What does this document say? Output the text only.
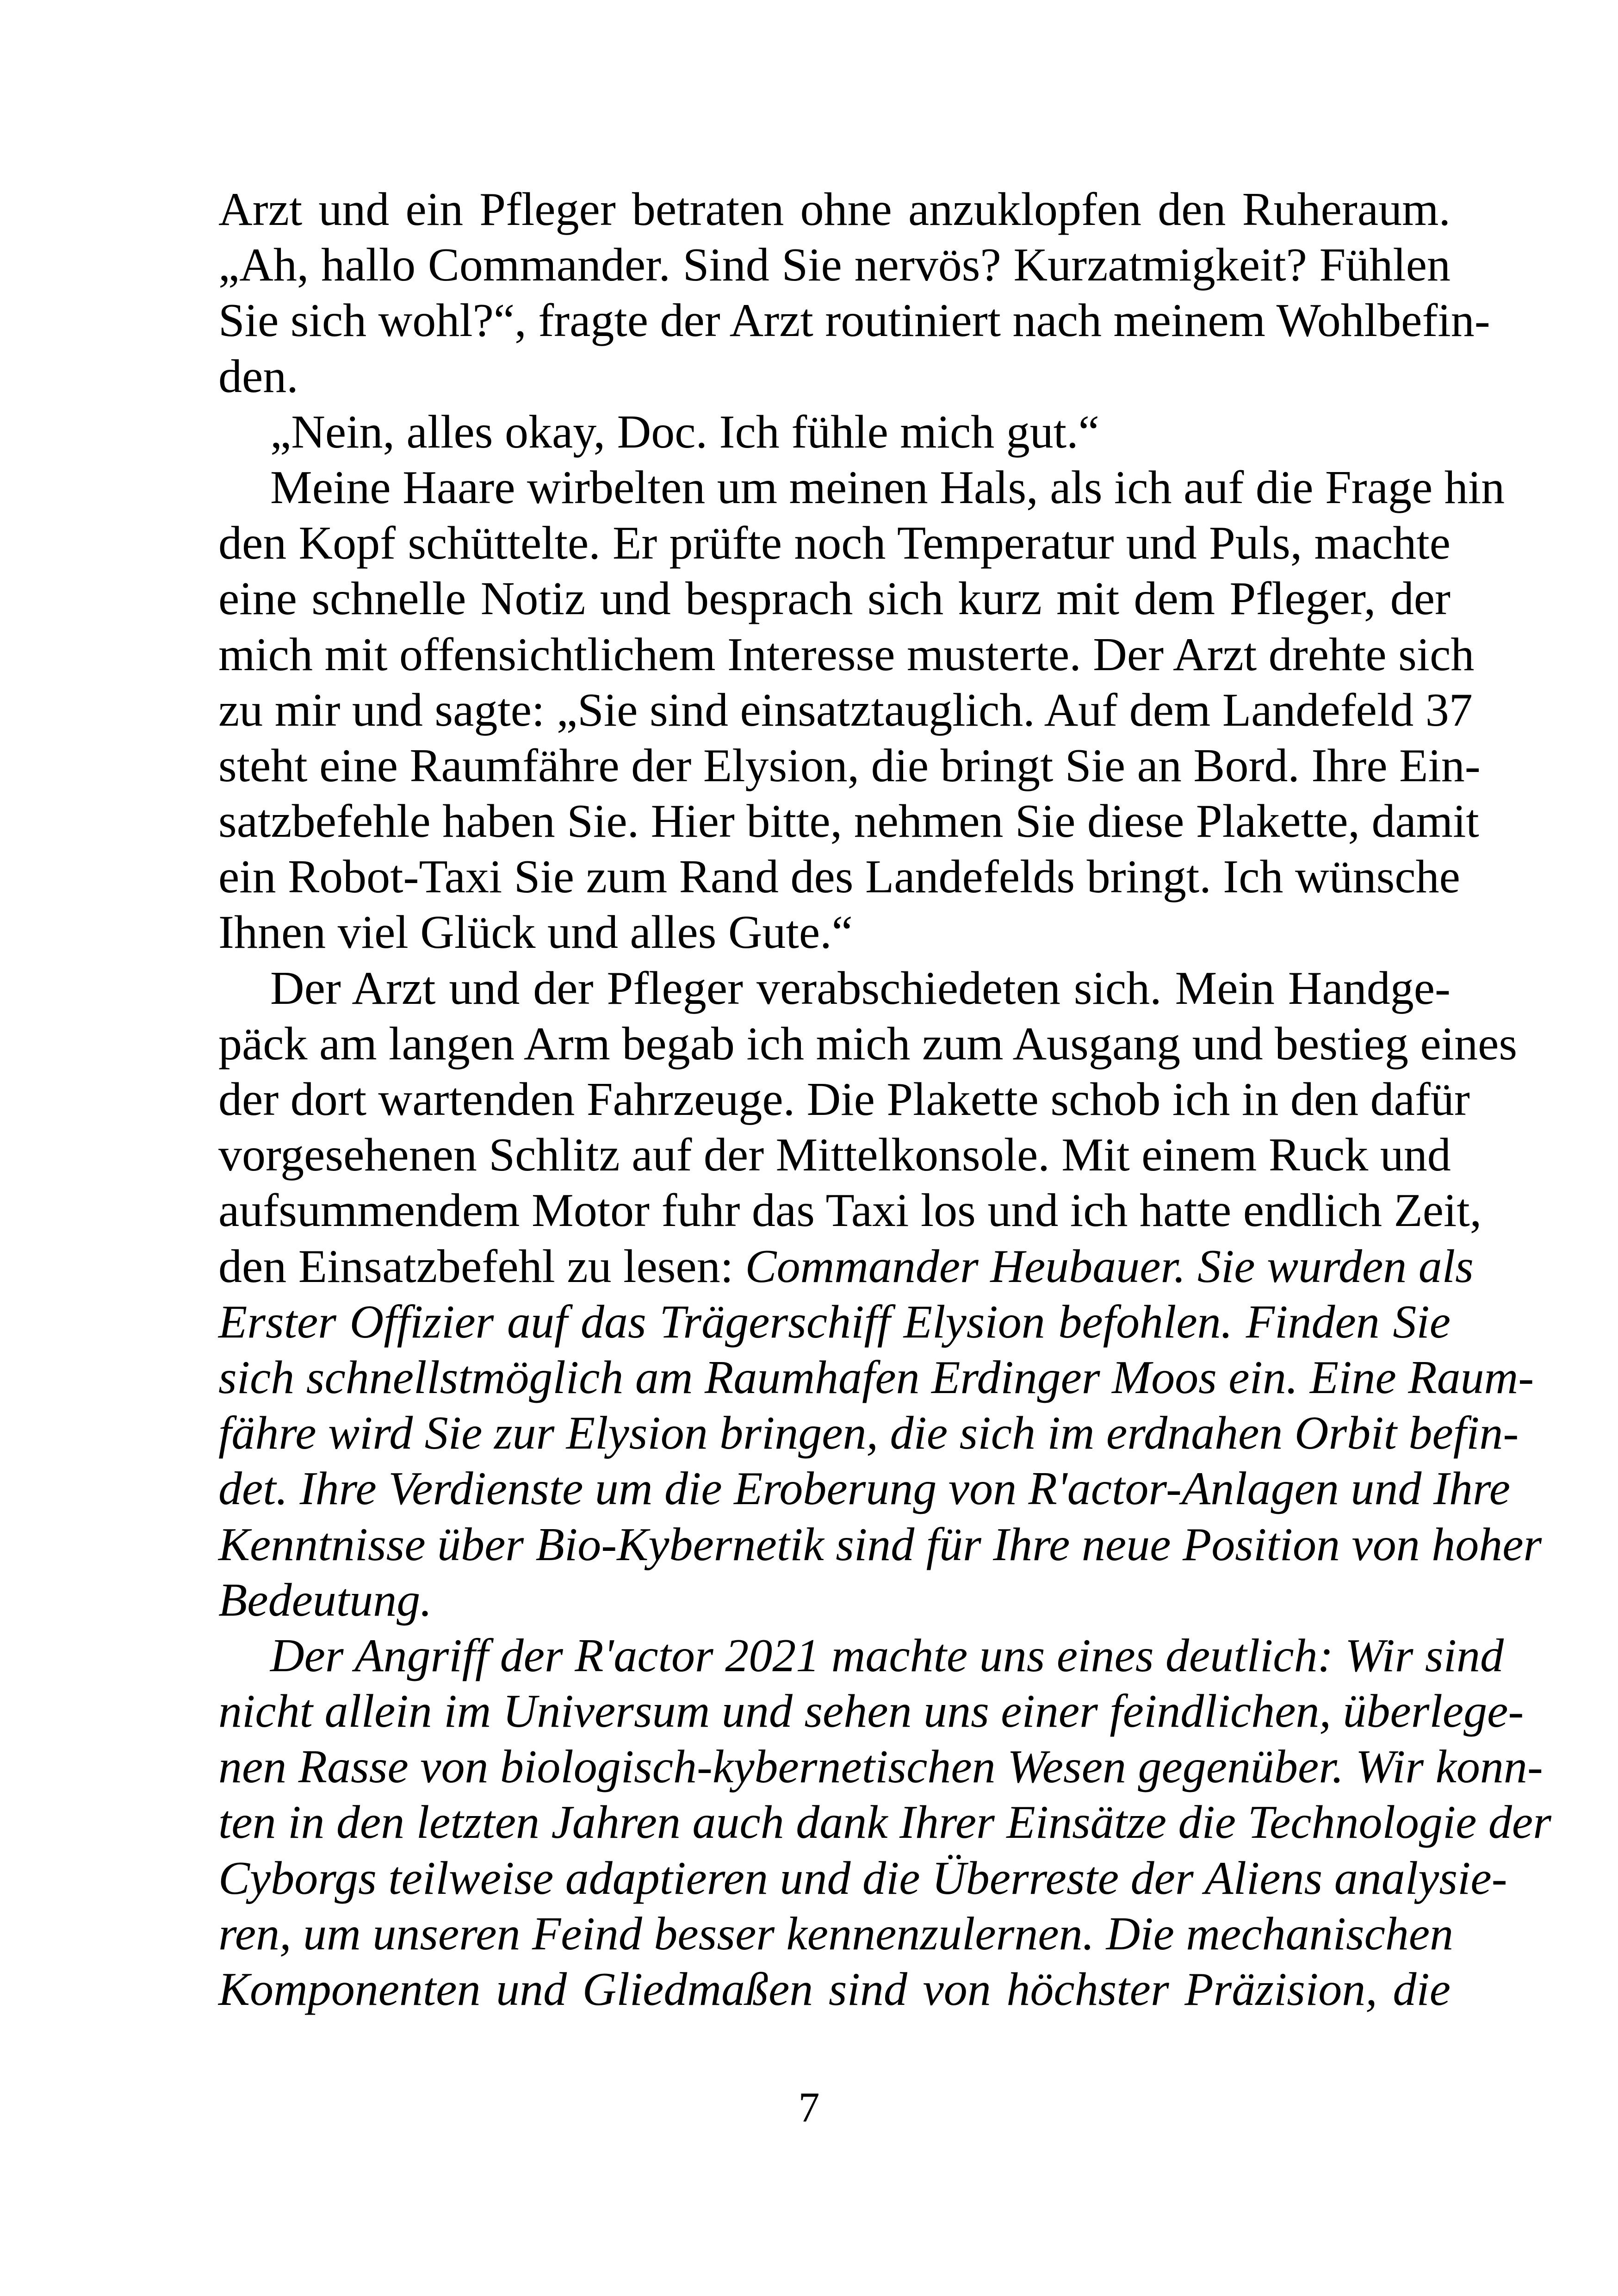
Arzt und ein Pfleger betraten ohne anzuklopfen den Ruheraum.
„Ah, hallo Commander. Sind Sie nervös? Kurzatmigkeit? Fühlen
Sie sich wohl?“, fragte der Arzt routiniert nach meinem Wohlbefin-
den.
„Nein, alles okay, Doc. Ich fühle mich gut.“
Meine Haare wirbelten um meinen Hals, als ich auf die Frage hin
den Kopf schüttelte. Er prüfte noch Temperatur und Puls, machte
eine schnelle Notiz und besprach sich kurz mit dem Pfleger, der
mich mit offensichtlichem Interesse musterte. Der Arzt drehte sich
zu mir und sagte: „Sie sind einsatztauglich. Auf dem Landefeld 37
steht eine Raumfähre der Elysion, die bringt Sie an Bord. Ihre Ein-
satzbefehle haben Sie. Hier bitte, nehmen Sie diese Plakette, damit
ein Robot-Taxi Sie zum Rand des Landefelds bringt. Ich wünsche
Ihnen viel Glück und alles Gute.“
Der Arzt und der Pfleger verabschiedeten sich. Mein Handge-
päck am langen Arm begab ich mich zum Ausgang und bestieg eines
der dort wartenden Fahrzeuge. Die Plakette schob ich in den dafür
vorgesehenen Schlitz auf der Mittelkonsole. Mit einem Ruck und
aufsummendem Motor fuhr das Taxi los und ich hatte endlich Zeit,
den Einsatzbefehl zu lesen: Commander Heubauer. Sie wurden als
Erster Offizier auf das Trägerschiff Elysion befohlen. Finden Sie
sich schnellstmöglich am Raumhafen Erdinger Moos ein. Eine Raum-
fähre wird Sie zur Elysion bringen, die sich im erdnahen Orbit befin-
det. Ihre Verdienste um die Eroberung von R'actor-Anlagen und Ihre
Kenntnisse über Bio-Kybernetik sind für Ihre neue Position von hoher
Bedeutung.
Der Angriff der R'actor 2021 machte uns eines deutlich: Wir sind
nicht allein im Universum und sehen uns einer feindlichen, überlege-
nen Rasse von biologisch-kybernetischen Wesen gegenüber. Wir konn-
ten in den letzten Jahren auch dank Ihrer Einsätze die Technologie der
Cyborgs teilweise adaptieren und die Überreste der Aliens analysie-
ren, um unseren Feind besser kennenzulernen. Die mechanischen
Komponenten und Gliedmaßen sind von höchster Präzision, die
7
